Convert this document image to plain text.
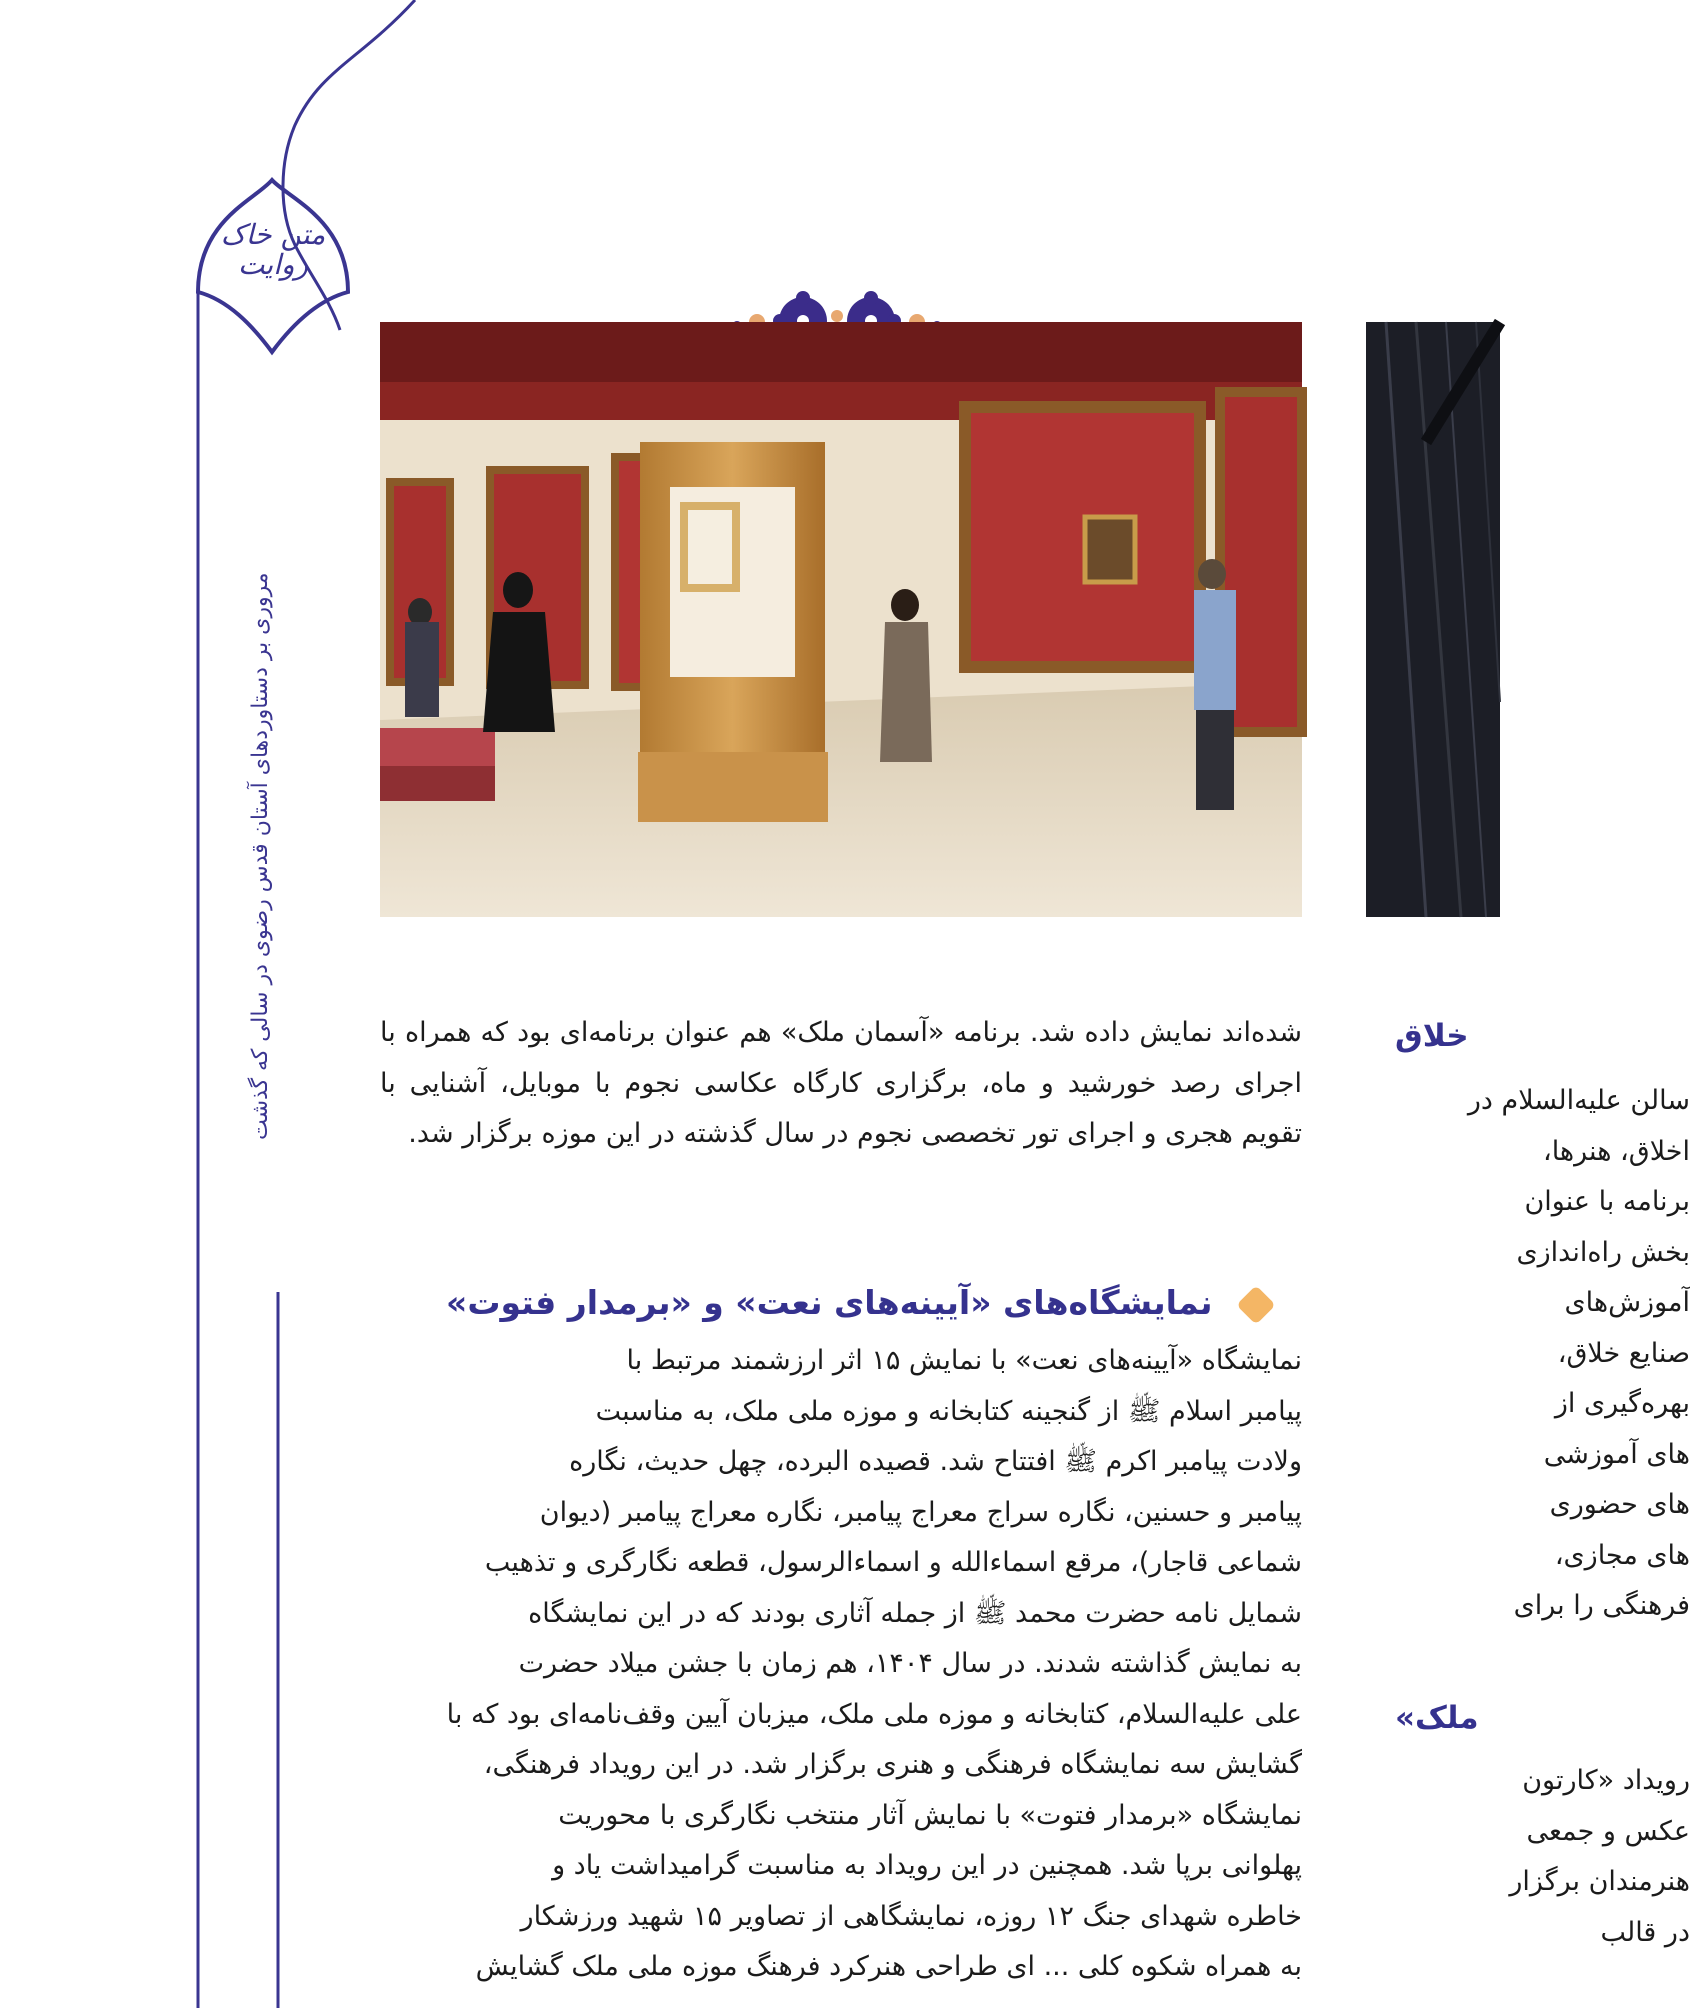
متن خاک روایت
مروری بر دستاوردهای آستان قدس رضوی در سالی که گذشت	شده‌اند نمایش داده شد. برنامه «آسمان ملک» هم عنوان برنامه‌ای بود که همراه با اجرای رصد خورشید و ماه، برگزاری کارگاه عکاسی نجوم با موبایل، آشنایی با تقویم هجری و اجرای تور تخصصی نجوم در سال گذشته در این موزه برگزار شد.

نمایشگاه‌های «آیینه‌های نعت» و «برمدار فتوت»

نمایشگاه «آیینه‌های نعت» با نمایش ۱۵ اثر ارزشمند مرتبط با

پیامبر اسلام ﷺ از گنجینه کتابخانه و موزه ملی ملک، به مناسبت

ولادت پیامبر اکرم ﷺ افتتاح شد. قصیده البرده، چهل حدیث، نگاره

پیامبر و حسنین، نگاره سراج معراج پیامبر، نگاره معراج پیامبر (دیوان

شماعی قاجار)، مرقع اسماء‌الله و اسماء‌الرسول، قطعه نگارگری و تذهیب

شمایل نامه حضرت محمد ﷺ از جمله آثاری بودند که در این نمایشگاه

به نمایش گذاشته شدند. در سال ۱۴۰۴، هم زمان با جشن میلاد حضرت

علی علیه‌السلام، کتابخانه و موزه ملی ملک، میزبان آیین وقف‌نامه‌ای بود که با

گشایش سه نمایشگاه فرهنگی و هنری برگزار شد. در این رویداد فرهنگی،

نمایشگاه «برمدار فتوت» با نمایش آثار منتخب نگارگری با محوریت

پهلوانی برپا شد. همچنین در این رویداد به مناسبت گرامیداشت یاد و

خاطره شهدای جنگ ۱۲ روزه، نمایشگاهی از تصاویر ۱۵ شهید ورزشکار

به همراه شکوه کلی ... ای طراحی هنرکرد فرهنگ موزه ملی ملک گشایش

خلاق
سالن علیه‌السلام در
اخلاق، هنرها،
برنامه با عنوان
بخش راه‌اندازی
آموزش‌های
صنایع خلاق،
بهره‌گیری از
های آموزشی
های حضوری
های مجازی،
فرهنگی را برای
ملک»
رویداد «کارتون
عکس و جمعی
هنرمندان برگزار
در قالب
